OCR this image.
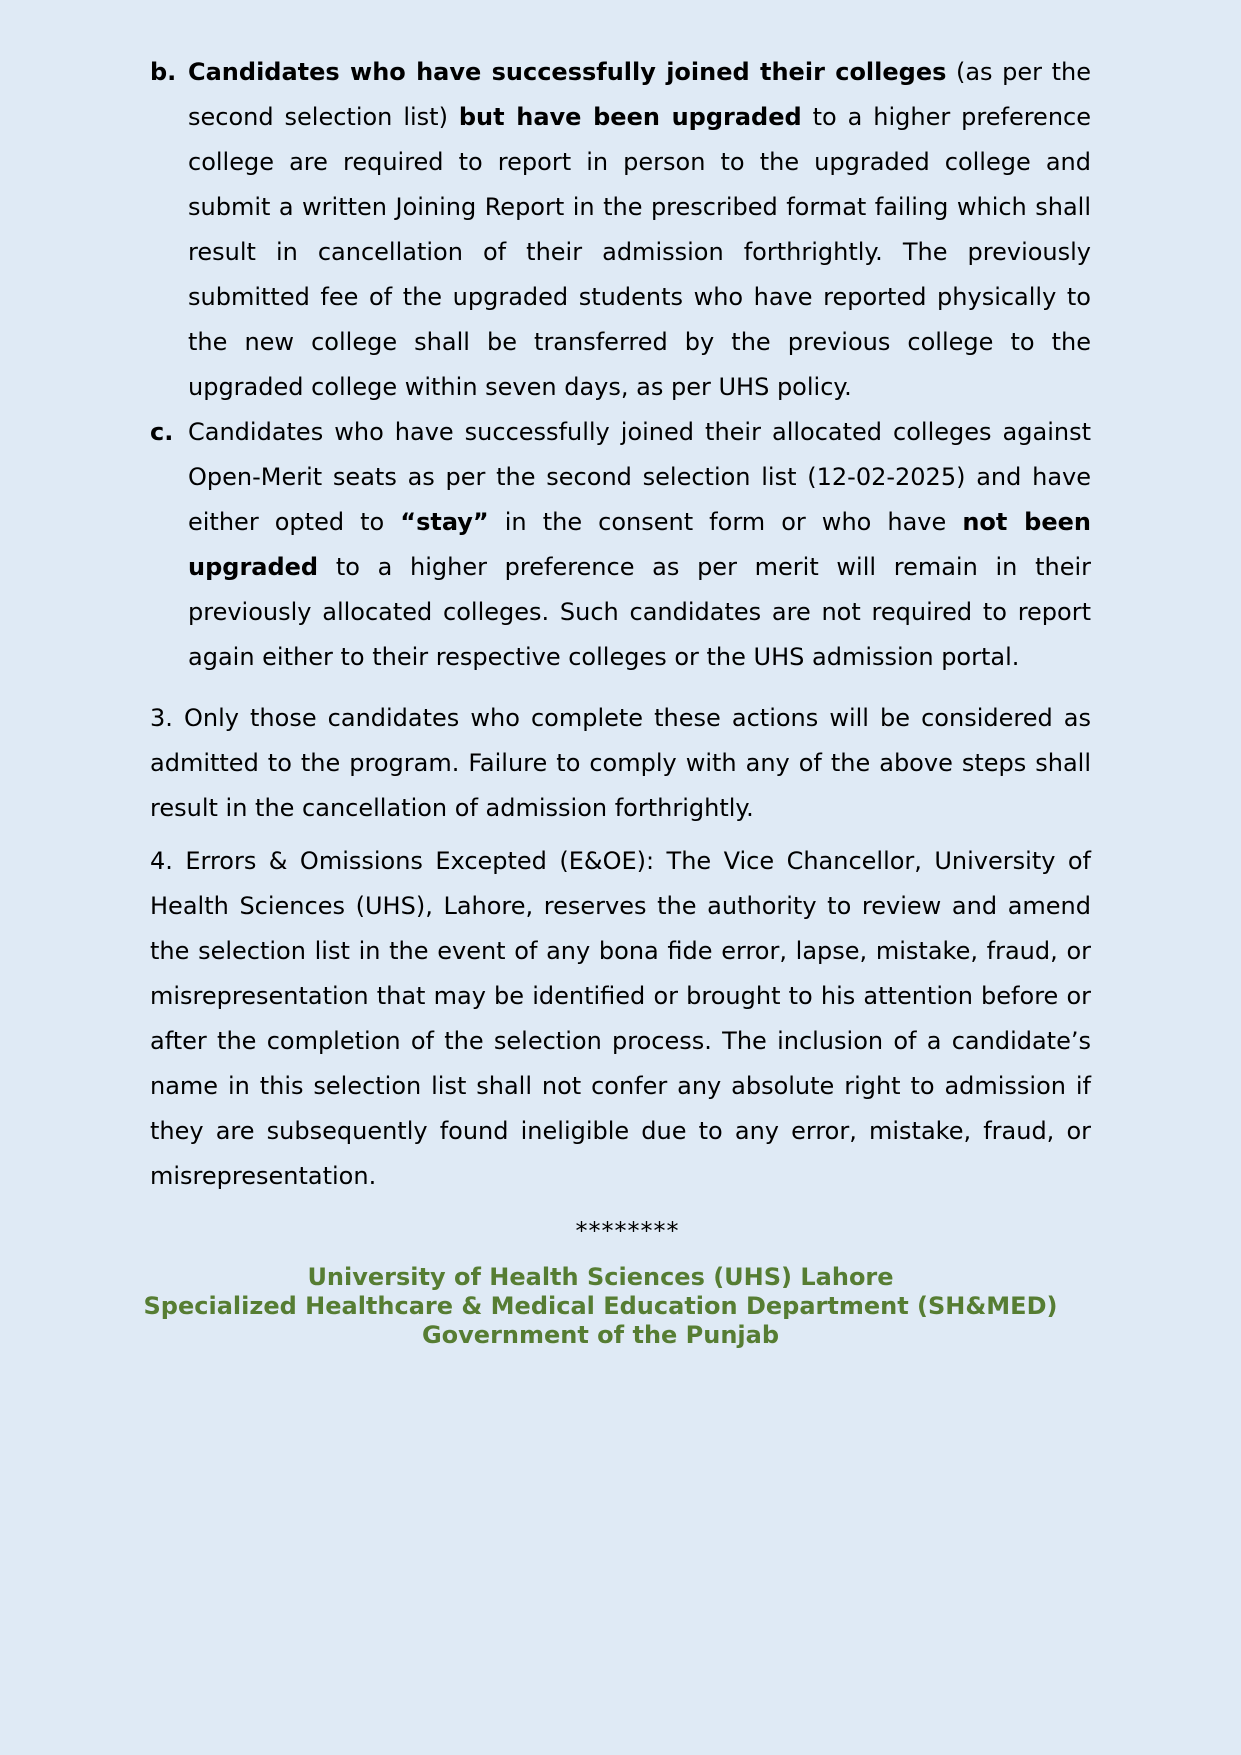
b. Candidates who have successfully joined their colleges (as per the second selection list) but have been upgraded to a higher preference college are required to report in person to the upgraded college and submit a written Joining Report in the prescribed format failing which shall result in cancellation of their admission forthrightly. The previously submitted fee of the upgraded students who have reported physically to the new college shall be transferred by the previous college to the upgraded college within seven days, as per UHS policy.
c. Candidates who have successfully joined their allocated colleges against Open-Merit seats as per the second selection list (12-02-2025) and have either opted to “stay” in the consent form or who have not been upgraded to a higher preference as per merit will remain in their previously allocated colleges. Such candidates are not required to report again either to their respective colleges or the UHS admission portal.
3. Only those candidates who complete these actions will be considered as admitted to the program. Failure to comply with any of the above steps shall result in the cancellation of admission forthrightly.
4. Errors & Omissions Excepted (E&OE): The Vice Chancellor, University of Health Sciences (UHS), Lahore, reserves the authority to review and amend the selection list in the event of any bona fide error, lapse, mistake, fraud, or misrepresentation that may be identified or brought to his attention before or after the completion of the selection process. The inclusion of a candidate’s name in this selection list shall not confer any absolute right to admission if they are subsequently found ineligible due to any error, mistake, fraud, or misrepresentation.
********
University of Health Sciences (UHS) Lahore
Specialized Healthcare & Medical Education Department (SH&MED)
Government of the Punjab
